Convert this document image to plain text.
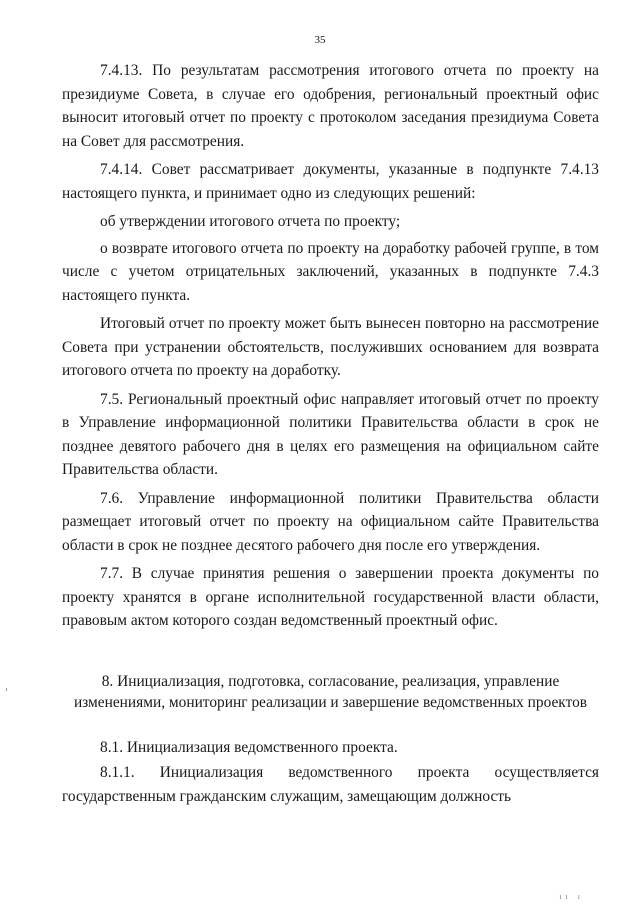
35

7.4.13. По результатам рассмотрения итогового отчета по проекту на президиуме Совета, в случае его одобрения, региональный проектный офис выносит итоговый отчет по проекту с протоколом заседания президиума Совета на Совет для рассмотрения.

7.4.14. Совет рассматривает документы, указанные в подпункте 7.4.13 настоящего пункта, и принимает одно из следующих решений:

об утверждении итогового отчета по проекту;

о возврате итогового отчета по проекту на доработку рабочей группе, в том числе с учетом отрицательных заключений, указанных в подпункте 7.4.3 настоящего пункта.

Итоговый отчет по проекту может быть вынесен повторно на рассмотрение Совета при устранении обстоятельств, послуживших основанием для возврата итогового отчета по проекту на доработку.

7.5. Региональный проектный офис направляет итоговый отчет по проекту в Управление информационной политики Правительства области в срок не позднее девятого рабочего дня в целях его размещения на официальном сайте Правительства области.

7.6. Управление информационной политики Правительства области размещает итоговый отчет по проекту на официальном сайте Правительства области в срок не позднее десятого рабочего дня после его утверждения.

7.7. В случае принятия решения о завершении проекта документы по проекту хранятся в органе исполнительной государственной власти области, правовым актом которого создан ведомственный проектный офис.

8. Инициализация, подготовка, согласование, реализация, управление
изменениями, мониторинг реализации и завершение ведомственных проектов

8.1. Инициализация ведомственного проекта.

8.1.1. Инициализация ведомственного проекта осуществляется государственным гражданским служащим, замещающим должность

ıı ı
